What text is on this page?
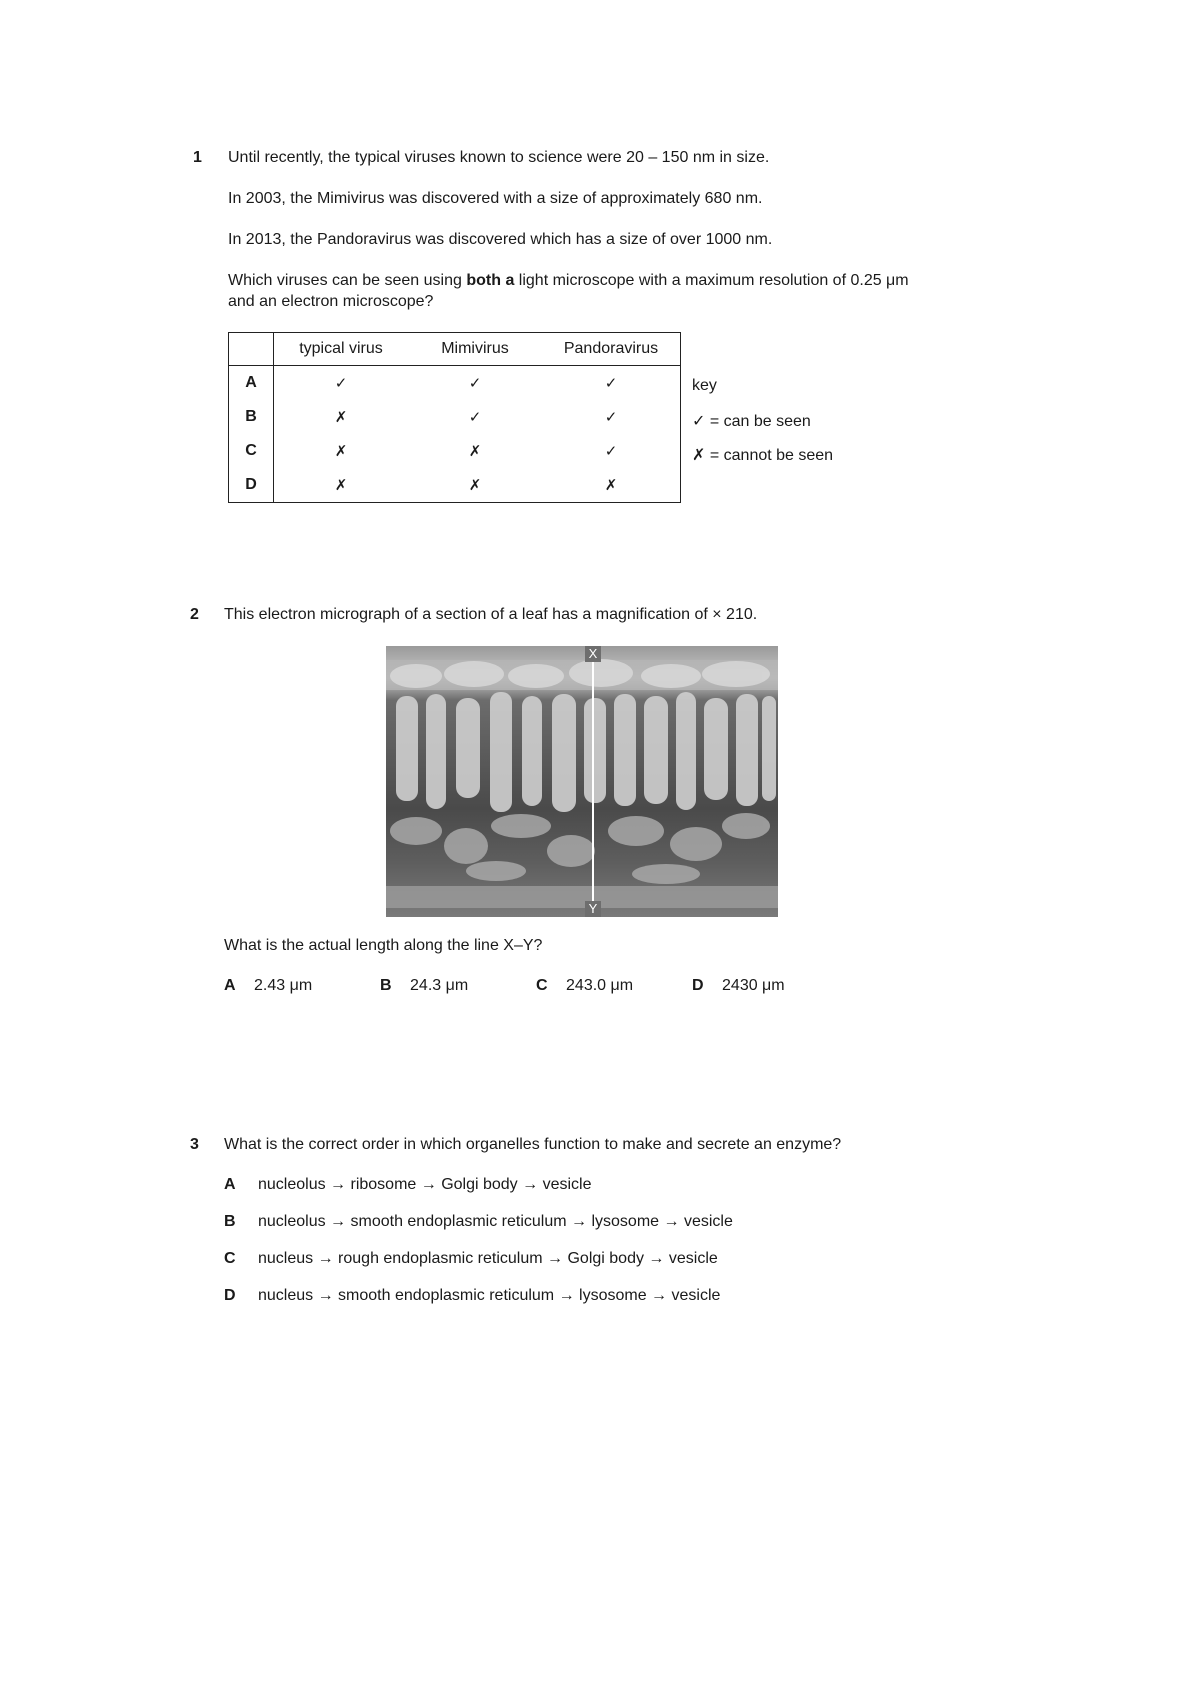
1 Until recently, the typical viruses known to science were 20 – 150 nm in size.
In 2003, the Mimivirus was discovered with a size of approximately 680 nm.
In 2013, the Pandoravirus was discovered which has a size of over 1000 nm.
Which viruses can be seen using both a light microscope with a maximum resolution of 0.25 μm
and an electron microscope?
	typical virus	Mimivirus	Pandoravirus
A	✓	✓	✓
B	✗	✓	✓
C	✗	✗	✓
D	✗	✗	✗
key
✓ = can be seen
✗ = cannot be seen
2 This electron micrograph of a section of a leaf has a magnification of × 210.
X
Y
What is the actual length along the line X–Y?
A 2.43 μm	B 24.3 μm	C 243.0 μm	D 2430 μm
3 What is the correct order in which organelles function to make and secrete an enzyme?
A nucleolus → ribosome → Golgi body → vesicle
B nucleolus → smooth endoplasmic reticulum → lysosome → vesicle
C nucleus → rough endoplasmic reticulum → Golgi body → vesicle
D nucleus → smooth endoplasmic reticulum → lysosome → vesicle
